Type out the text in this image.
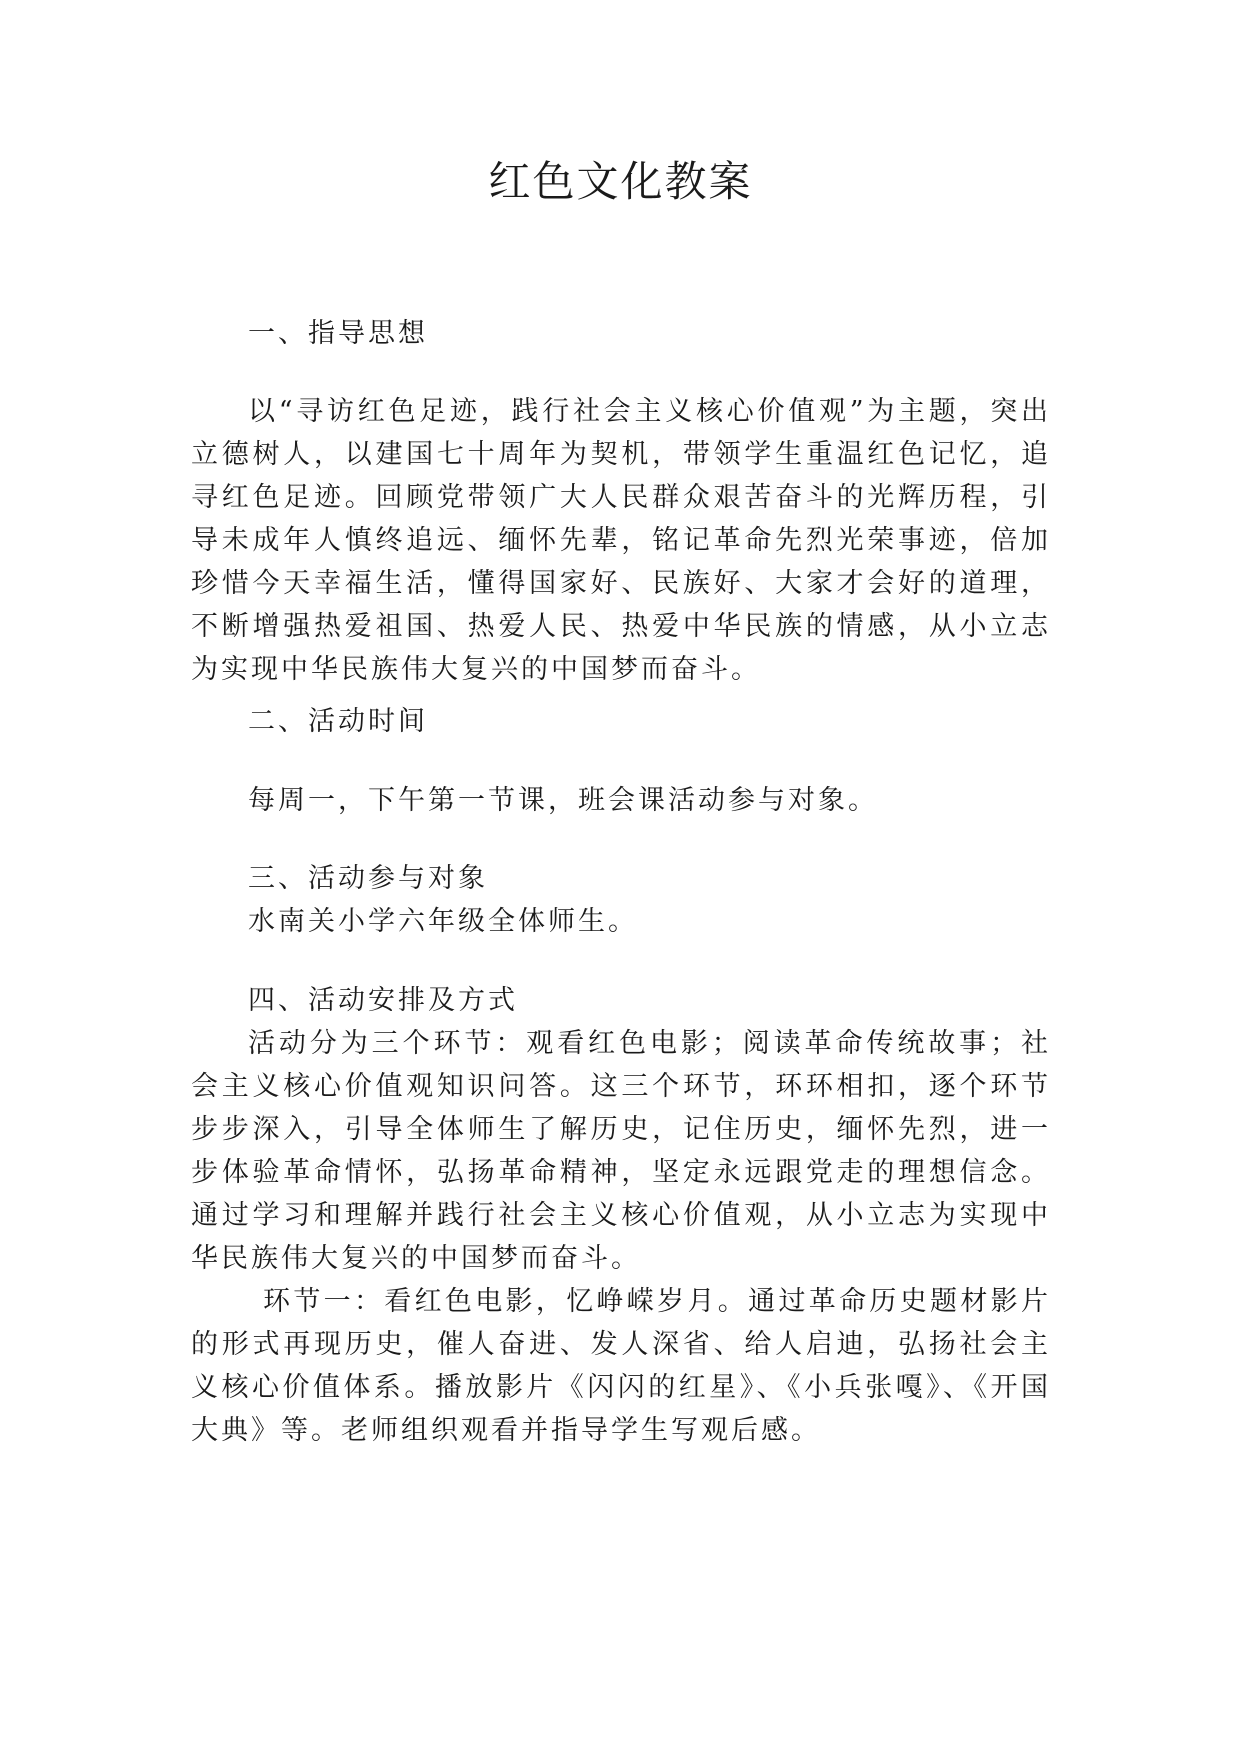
红色文化教案
一、指导思想

以“寻访红色足迹，践行社会主义核心价值观”为主题，突出立德树人，以建国七十周年为契机，带领学生重温红色记忆，追寻红色足迹。回顾党带领广大人民群众艰苦奋斗的光辉历程，引导未成年人慎终追远、缅怀先辈，铭记革命先烈光荣事迹，倍加珍惜今天幸福生活，懂得国家好、民族好、大家才会好的道理，不断增强热爱祖国、热爱人民、热爱中华民族的情感，从小立志为实现中华民族伟大复兴的中国梦而奋斗。

二、活动时间
每周一，下午第一节课，班会课活动参与对象。
三、活动参与对象
水南关小学六年级全体师生。
四、活动安排及方式

活动分为三个环节：观看红色电影；阅读革命传统故事；社会主义核心价值观知识问答。这三个环节，环环相扣，逐个环节步步深入，引导全体师生了解历史，记住历史，缅怀先烈，进一步体验革命情怀，弘扬革命精神，坚定永远跟党走的理想信念。通过学习和理解并践行社会主义核心价值观，从小立志为实现中华民族伟大复兴的中国梦而奋斗。

环节一：看红色电影，忆峥嵘岁月。通过革命历史题材影片的形式再现历史，催人奋进、发人深省、给人启迪，弘扬社会主义核心价值体系。播放影片《闪闪的红星》、《小兵张嘎》、《开国大典》等。老师组织观看并指导学生写观后感。
